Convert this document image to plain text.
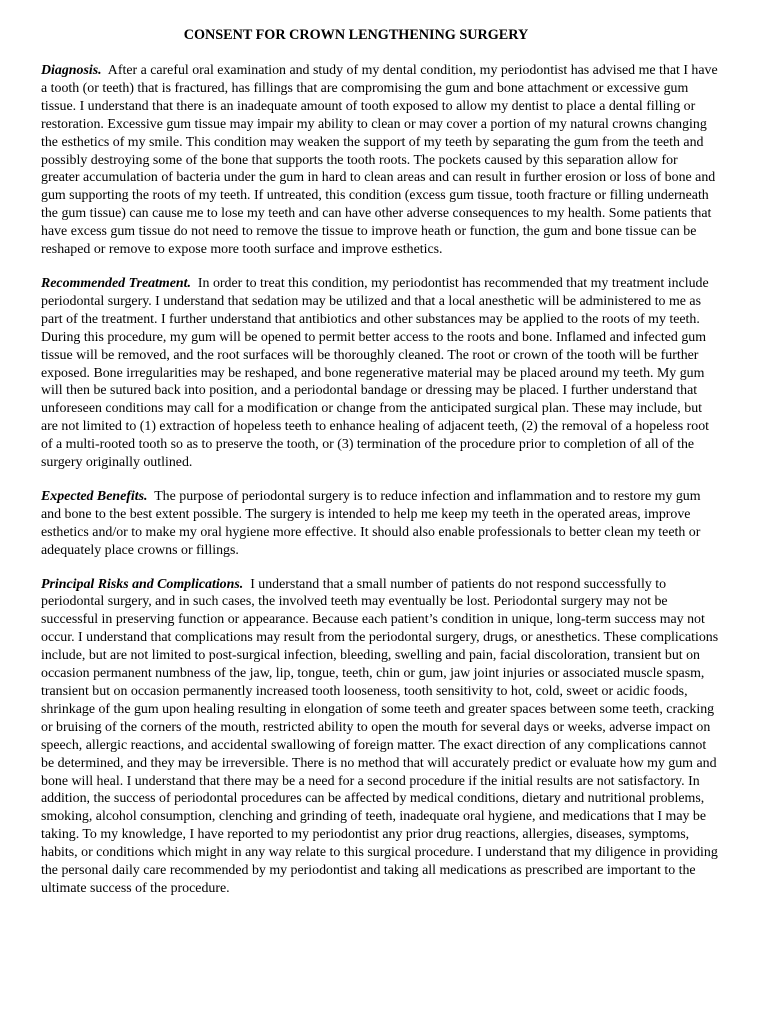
CONSENT FOR CROWN LENGTHENING SURGERY

Diagnosis. After a careful oral examination and study of my dental condition, my periodontist has advised me that I have a tooth (or teeth) that is fractured, has fillings that are compromising the gum and bone attachment or excessive gum tissue. I understand that there is an inadequate amount of tooth exposed to allow my dentist to place a dental filling or restoration. Excessive gum tissue may impair my ability to clean or may cover a portion of my natural crowns changing the esthetics of my smile. This condition may weaken the support of my teeth by separating the gum from the teeth and possibly destroying some of the bone that supports the tooth roots. The pockets caused by this separation allow for greater accumulation of bacteria under the gum in hard to clean areas and can result in further erosion or loss of bone and gum supporting the roots of my teeth. If untreated, this condition (excess gum tissue, tooth fracture or filling underneath the gum tissue) can cause me to lose my teeth and can have other adverse consequences to my health. Some patients that have excess gum tissue do not need to remove the tissue to improve heath or function, the gum and bone tissue can be reshaped or remove to expose more tooth surface and improve esthetics.

Recommended Treatment. In order to treat this condition, my periodontist has recommended that my treatment include periodontal surgery. I understand that sedation may be utilized and that a local anesthetic will be administered to me as part of the treatment. I further understand that antibiotics and other substances may be applied to the roots of my teeth. During this procedure, my gum will be opened to permit better access to the roots and bone. Inflamed and infected gum tissue will be removed, and the root surfaces will be thoroughly cleaned. The root or crown of the tooth will be further exposed. Bone irregularities may be reshaped, and bone regenerative material may be placed around my teeth. My gum will then be sutured back into position, and a periodontal bandage or dressing may be placed. I further understand that unforeseen conditions may call for a modification or change from the anticipated surgical plan. These may include, but are not limited to (1) extraction of hopeless teeth to enhance healing of adjacent teeth, (2) the removal of a hopeless root of a multi-rooted tooth so as to preserve the tooth, or (3) termination of the procedure prior to completion of all of the surgery originally outlined.

Expected Benefits. The purpose of periodontal surgery is to reduce infection and inflammation and to restore my gum and bone to the best extent possible. The surgery is intended to help me keep my teeth in the operated areas, improve esthetics and/or to make my oral hygiene more effective. It should also enable professionals to better clean my teeth or adequately place crowns or fillings.

Principal Risks and Complications. I understand that a small number of patients do not respond successfully to periodontal surgery, and in such cases, the involved teeth may eventually be lost. Periodontal surgery may not be successful in preserving function or appearance. Because each patient’s condition in unique, long-term success may not occur. I understand that complications may result from the periodontal surgery, drugs, or anesthetics. These complications include, but are not limited to post-surgical infection, bleeding, swelling and pain, facial discoloration, transient but on occasion permanent numbness of the jaw, lip, tongue, teeth, chin or gum, jaw joint injuries or associated muscle spasm, transient but on occasion permanently increased tooth looseness, tooth sensitivity to hot, cold, sweet or acidic foods, shrinkage of the gum upon healing resulting in elongation of some teeth and greater spaces between some teeth, cracking or bruising of the corners of the mouth, restricted ability to open the mouth for several days or weeks, adverse impact on speech, allergic reactions, and accidental swallowing of foreign matter. The exact direction of any complications cannot be determined, and they may be irreversible. There is no method that will accurately predict or evaluate how my gum and bone will heal. I understand that there may be a need for a second procedure if the initial results are not satisfactory. In addition, the success of periodontal procedures can be affected by medical conditions, dietary and nutritional problems, smoking, alcohol consumption, clenching and grinding of teeth, inadequate oral hygiene, and medications that I may be taking. To my knowledge, I have reported to my periodontist any prior drug reactions, allergies, diseases, symptoms, habits, or conditions which might in any way relate to this surgical procedure. I understand that my diligence in providing the personal daily care recommended by my periodontist and taking all medications as prescribed are important to the ultimate success of the procedure.
